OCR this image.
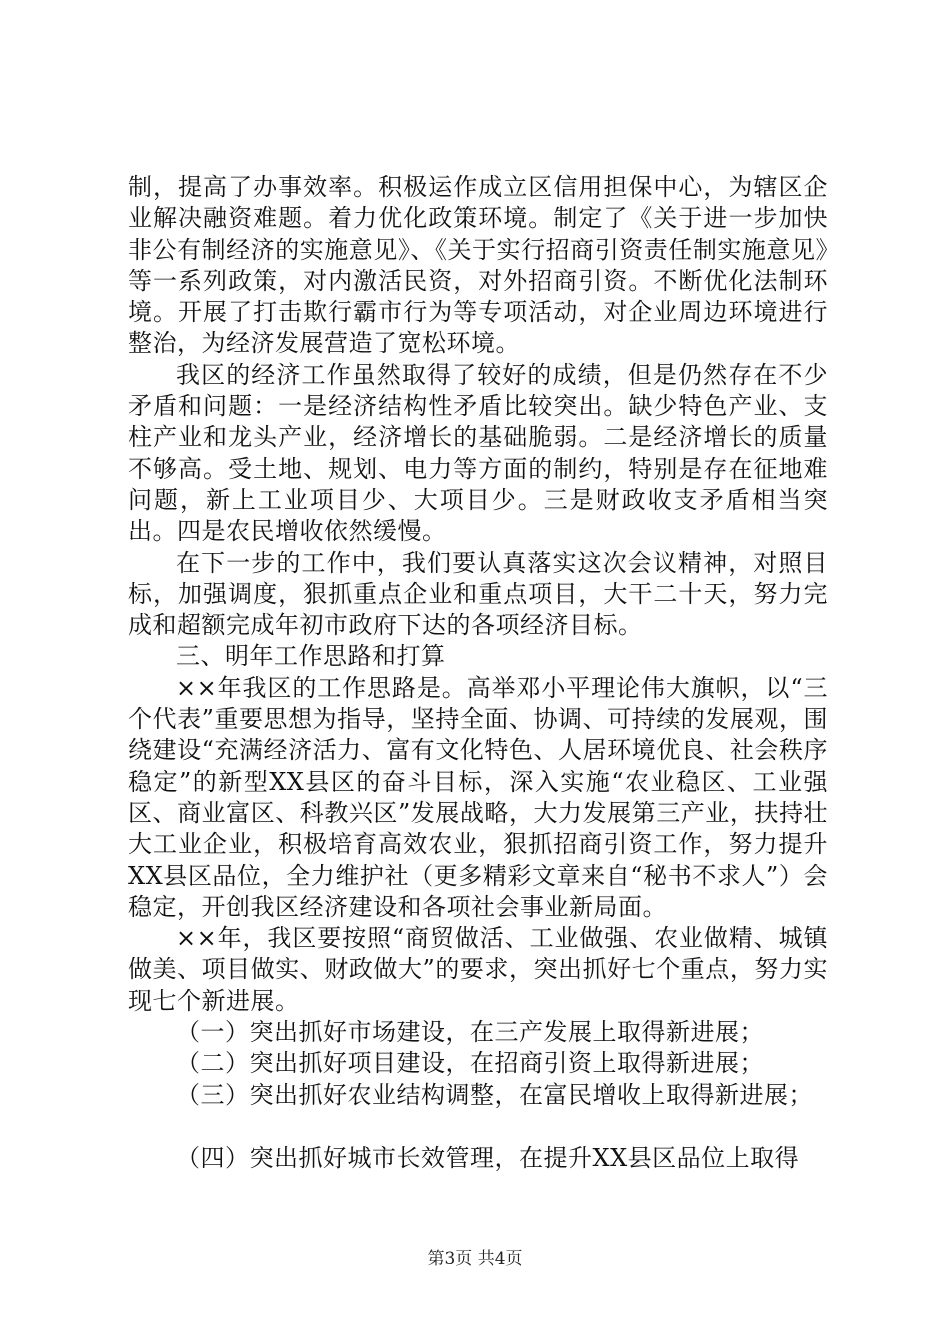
制，提高了办事效率。积极运作成立区信用担保中心，为辖区企业解决融资难题。着力优化政策环境。制定了《关于进一步加快非公有制经济的实施意见》、《关于实行招商引资责任制实施意见》等一系列政策，对内激活民资，对外招商引资。不断优化法制环境。开展了打击欺行霸市行为等专项活动，对企业周边环境进行整治，为经济发展营造了宽松环境。

我区的经济工作虽然取得了较好的成绩，但是仍然存在不少矛盾和问题：一是经济结构性矛盾比较突出。缺少特色产业、支柱产业和龙头产业，经济增长的基础脆弱。二是经济增长的质量不够高。受土地、规划、电力等方面的制约，特别是存在征地难问题，新上工业项目少、大项目少。三是财政收支矛盾相当突出。四是农民增收依然缓慢。

在下一步的工作中，我们要认真落实这次会议精神，对照目标，加强调度，狠抓重点企业和重点项目，大干二十天，努力完成和超额完成年初市政府下达的各项经济目标。

三、明年工作思路和打算

××年我区的工作思路是。高举邓小平理论伟大旗帜，以“三个代表”重要思想为指导，坚持全面、协调、可持续的发展观，围绕建设“充满经济活力、富有文化特色、人居环境优良、社会秩序稳定”的新型XX县区的奋斗目标，深入实施“农业稳区、工业强区、商业富区、科教兴区”发展战略，大力发展第三产业，扶持壮大工业企业，积极培育高效农业，狠抓招商引资工作，努力提升XX县区品位，全力维护社（更多精彩文章来自“秘书不求人”）会稳定，开创我区经济建设和各项社会事业新局面。

××年，我区要按照“商贸做活、工业做强、农业做精、城镇做美、项目做实、财政做大”的要求，突出抓好七个重点，努力实现七个新进展。

（一）突出抓好市场建设，在三产发展上取得新进展；

（二）突出抓好项目建设，在招商引资上取得新进展；

（三）突出抓好农业结构调整，在富民增收上取得新进展；

（四）突出抓好城市长效管理，在提升XX县区品位上取得

第3页 共4页
